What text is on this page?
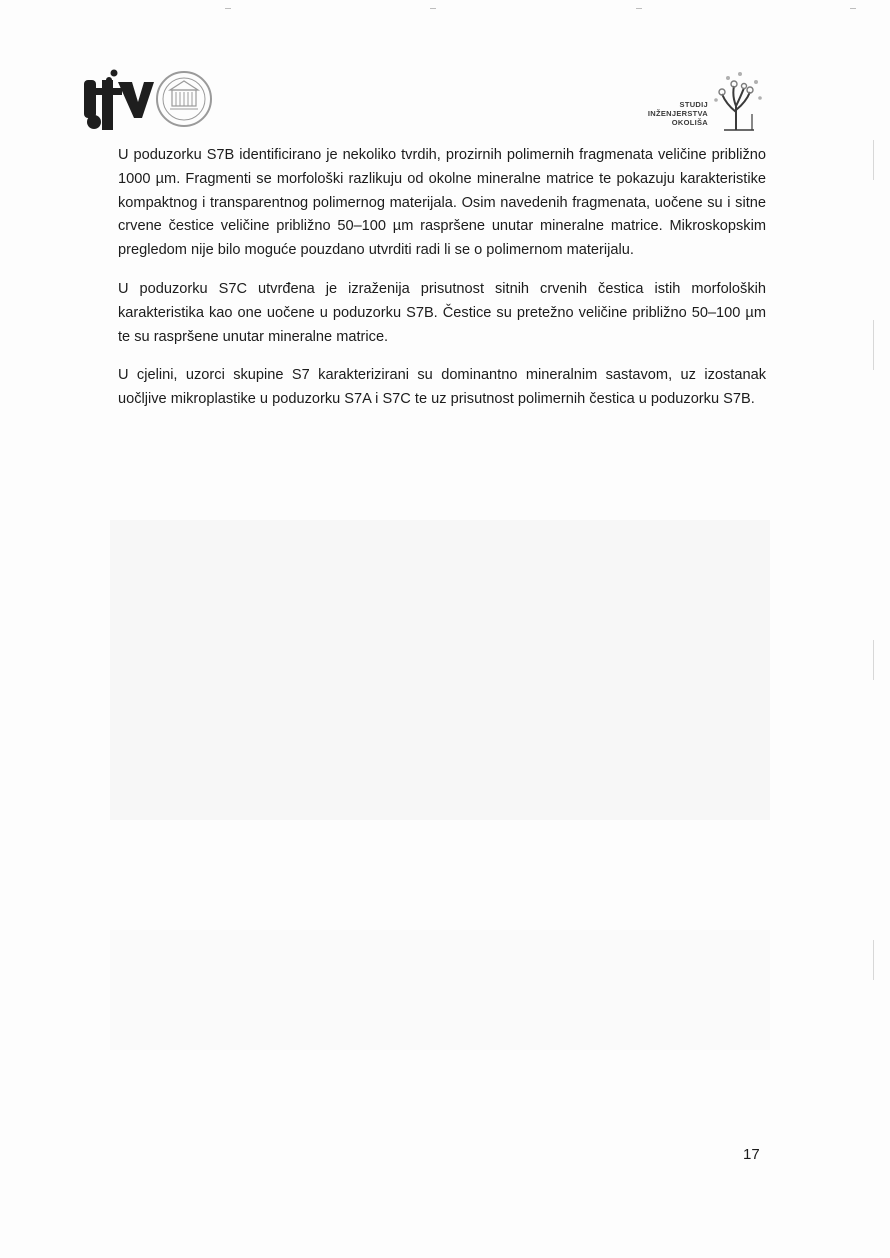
STUDIJ
INŽENJERSTVA
OKOLIŠA

U poduzorku S7B identificirano je nekoliko tvrdih, prozirnih polimernih fragmenata veličine približno 1000 µm. Fragmenti se morfološki razlikuju od okolne mineralne matrice te pokazuju karakteristike kompaktnog i transparentnog polimernog materijala. Osim navedenih fragmenata, uočene su i sitne crvene čestice veličine približno 50–100 µm raspršene unutar mineralne matrice. Mikroskopskim pregledom nije bilo moguće pouzdano utvrditi radi li se o polimernom materijalu.

U poduzorku S7C utvrđena je izraženija prisutnost sitnih crvenih čestica istih morfoloških karakteristika kao one uočene u poduzorku S7B. Čestice su pretežno veličine približno 50–100 µm te su raspršene unutar mineralne matrice.

U cjelini, uzorci skupine S7 karakterizirani su dominantno mineralnim sastavom, uz izostanak uočljive mikroplastike u poduzorku S7A i S7C te uz prisutnost polimernih čestica u poduzorku S7B.

17
